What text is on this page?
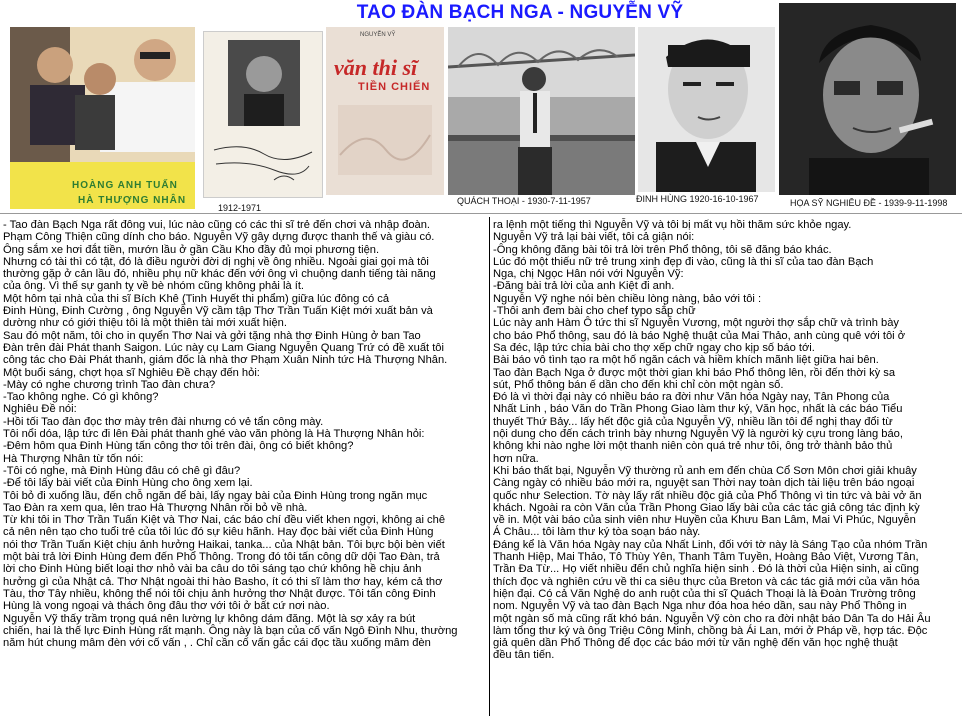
TAO ĐÀN BẠCH NGA - NGUYỄN VỸ
HOÀNG ANH TUẤN
HÀ THƯỢNG NHÂN
1912-1971
NGUYỄN VỸ
văn thi sĩ
TIỀN CHIẾN
QUÁCH THOẠI - 1930-7-11-1957	ĐINH HÙNG 1920-16-10-1967	HỌA SỸ NGHIÊU ĐỀ - 1939-9-11-1998

- Tao đàn Bạch Nga rất đông vui, lúc nào cũng có các thi sĩ trẻ đến chơi và nhập đoàn.

Phạm Công Thiện cũng dính cho báo. Nguyễn Vỹ gây dựng được thanh thế và giàu có.

Ông sắm xe hơi đắt tiền, mướn lầu ở gần Cầu Kho đầy đủ mọi phương tiện.

Nhưng có tài thì có tật, đó là điều người đời dị nghị về ông nhiều. Ngoài giai gọi mà tôi

thường gặp ở cản lầu đó, nhiều phụ nữ khác đến với ông vì chuộng danh tiếng tài năng

của ông. Vì thế sự ganh tỵ về bè nhóm cũng không phải là ít.

Một hôm tại nhà của thi sĩ Bích Khê (Tinh Huyết thi phẩm) giữa lúc đông có cả

Đinh Hùng, Đinh Cường , ông Nguyễn Vỹ cầm tập Thơ Trần Tuấn Kiệt mới xuất bản và

dường như có giới thiệu tôi là một thiên tài mới xuất hiện.

Sau đó một năm, tôi cho in quyển Thơ Nai và gởi tặng nhà thơ Đinh Hùng ở ban Tao

Đàn trên đài Phát thanh Saigon. Lúc này cụ Lam Giang Nguyễn Quang Trứ có đề xuất tôi

công tác cho Đài Phát thanh, giám đốc là nhà thơ Phạm Xuân Ninh tức Hà Thượng Nhân.

Một buổi sáng, chợt họa sĩ Nghiêu Đề chạy đến hỏi:

-Mày có nghe chương trình Tao đàn chưa?

-Tao không nghe. Có gì không?

Nghiêu Đề nói:

-Hồi tối Tao đàn đọc thơ mày trên đài nhưng có vẻ tẩn công mày.

Tôi nổi dóa, lập tức đi lên Đài phát thanh ghé vào văn phòng là Hà Thượng Nhân hỏi:

-Đêm hôm qua Đinh Hùng tấn công thơ tôi trên đài, ông có biết không?

Hà Thượng Nhân từ tốn nói:

-Tôi có nghe, mà Đinh Hùng đâu có chê gì đâu?

-Để tôi lấy bài viết của Đinh Hùng cho ông xem lại.

Tôi bỏ đi xuống lầu, đến chỗ ngăn để bài, lấy ngay bài của Đinh Hùng trong ngăn mục

Tao Đàn ra xem qua, lên trao Hà Thượng Nhân rồi bỏ về nhà.

Từ khi tôi in Thơ Trần Tuấn Kiệt và Thơ Nai, các báo chí đều viết khen ngợi, không ai chê

cả nên nên tạo cho tuổi trẻ của tôi lúc đó sự kiêu hãnh. Hay đọc bài viết của Đinh Hùng

nói thơ Trần Tuấn Kiệt chịu ảnh hưởng Haikai, tanka... của Nhật bản. Tôi bực bội bèn viết

một bài trả lời Đinh Hùng đem đến Phổ Thông. Trong đó tôi tấn công dữ dội Tao Đàn, trả

lời cho Đinh Hùng biết loại thơ nhỏ vài ba câu do tôi sáng tạo chứ không hề chịu ảnh

hưởng gì của Nhật cả. Thơ Nhật ngoài thi hào Basho, ít có thi sĩ làm thơ hay, kém cả thơ

Tàu, thơ Tây nhiều, không thể nói tôi chịu ảnh hưởng thơ Nhật được. Tôi tấn công Đinh

Hùng là vong ngoại và thách ông đâu thơ với tôi ở bất cứ nơi nào.

Nguyễn Vỹ thấy trầm trọng quá nên lường lự không dám đăng. Một là sợ xảy ra bút

chiến, hai là thế lực Đinh Hùng rất mạnh. Ông này là bạn của cố vấn Ngô Đình Nhu, thường

năm hút chung mâm đèn với cố vấn , . Chỉ cần cố vấn gắc cái đọc tầu xuống mâm đèn

ra lệnh một tiếng thì Nguyễn Vỹ và tôi bị mất vụ hồi thăm sức khỏe ngay.

Nguyễn Vỹ trả lại bài viết, tôi cả giận nói:

-Ông không đăng bài tôi trả lời trên Phổ thông, tôi sẽ đăng báo khác.

Lúc đó một thiếu nữ trẻ trung xinh đẹp đi vào, cũng là thi sĩ của tao đàn Bạch

Nga, chị Ngọc Hân nói với Nguyễn Vỹ:

-Đăng bài trả lời của anh Kiệt đi anh.

Nguyễn Vỹ nghe nói bèn chiều lòng nàng, bảo với tôi :

-Thôi anh đem bài cho chef typo sắp chữ

Lúc này anh Hàm Ô tức thi sĩ Nguyễn Vương, một người thợ sắp chữ và trình bày

cho báo Phổ thông, sau đó là báo Nghệ thuật của Mai Thảo, anh cùng quê với tôi ở

Sa đéc, lập tức chia bài cho thợ xếp chữ ngay cho kịp số báo tới.

Bài báo vô tình tạo ra một hố ngăn cách và hiềm khích mãnh liệt giữa hai bên.

Tao đàn Bạch Nga ở được một thời gian khi báo Phổ thông lên, rồi đến thời kỳ sa

sút, Phổ thông bán ế dần cho đến khi chỉ còn một ngàn số.

Đó là vì thời đại này có nhiều báo ra đời như Văn hóa Ngày nay, Tân Phong của

Nhất Linh , báo Văn do Trần Phong Giao làm thư ký, Văn học, nhất là các báo Tiểu

thuyết Thứ Bảy... lấy hết độc giả của Nguyễn Vỹ, nhiều lần tôi để nghị thay đổi từ

nội dung cho đến cách trình bày nhưng Nguyễn Vỹ là người kỳ cựu trong làng báo,

không khi nào nghe lời một thanh niên còn quá trẻ như tôi, ông trở thành bảo thủ

hơn nữa.

Khi báo thất bại, Nguyễn Vỹ thường rủ anh em đến chùa Cổ Sơn Môn chơi giải khuây

Càng ngày có nhiều báo mới ra, nguyệt san Thời nay toàn dịch tài liệu trên báo ngoại

quốc như Selection. Tờ này lấy rất nhiều độc giả của Phổ Thông vì tin tức và bài vở ăn

khách. Ngoài ra còn Văn của Trần Phong Giao lấy bài của các tác giả công tác định kỳ

về in. Một vài báo của sinh viên như Huyền của Khưu Ban Lâm, Mai Vi Phúc, Nguyễn

Á Châu... tôi làm thư ký tòa soạn báo này.

Đáng kể là Văn hóa Ngày nay của Nhất Linh, đối với tờ này là Sáng Tạo của nhóm Trần

Thanh Hiệp, Mai Thảo, Tô Thùy Yên, Thanh Tâm Tuyền, Hoàng Bảo Việt, Vương Tân,

Trần Đa Từ... Họ viết nhiều đến chủ nghĩa hiện sinh . Đó là thời của Hiện sinh, ai cũng

thích đọc và nghiên cứu về thi ca siêu thực của Breton và các tác giả mới của văn hóa

hiện đại. Có cả Văn Nghệ do anh ruột của thi sĩ Quách Thoại là là Đoàn Trường trông

nom. Nguyễn Vỹ và tao đàn Bạch Nga như đóa hoa héo dần, sau này Phổ Thông in

một ngàn số mà cũng rất khó bán. Nguyễn Vỹ còn cho ra đời nhật báo Dân Ta do Hải Âu

làm tổng thư ký và ông Triệu Công Minh, chồng bà Ái Lan, mới ở Pháp về, hợp tác. Độc

giả quên dần Phổ Thông để đọc các báo mới từ văn nghệ đến văn học nghệ thuật

đều tân tiến.
